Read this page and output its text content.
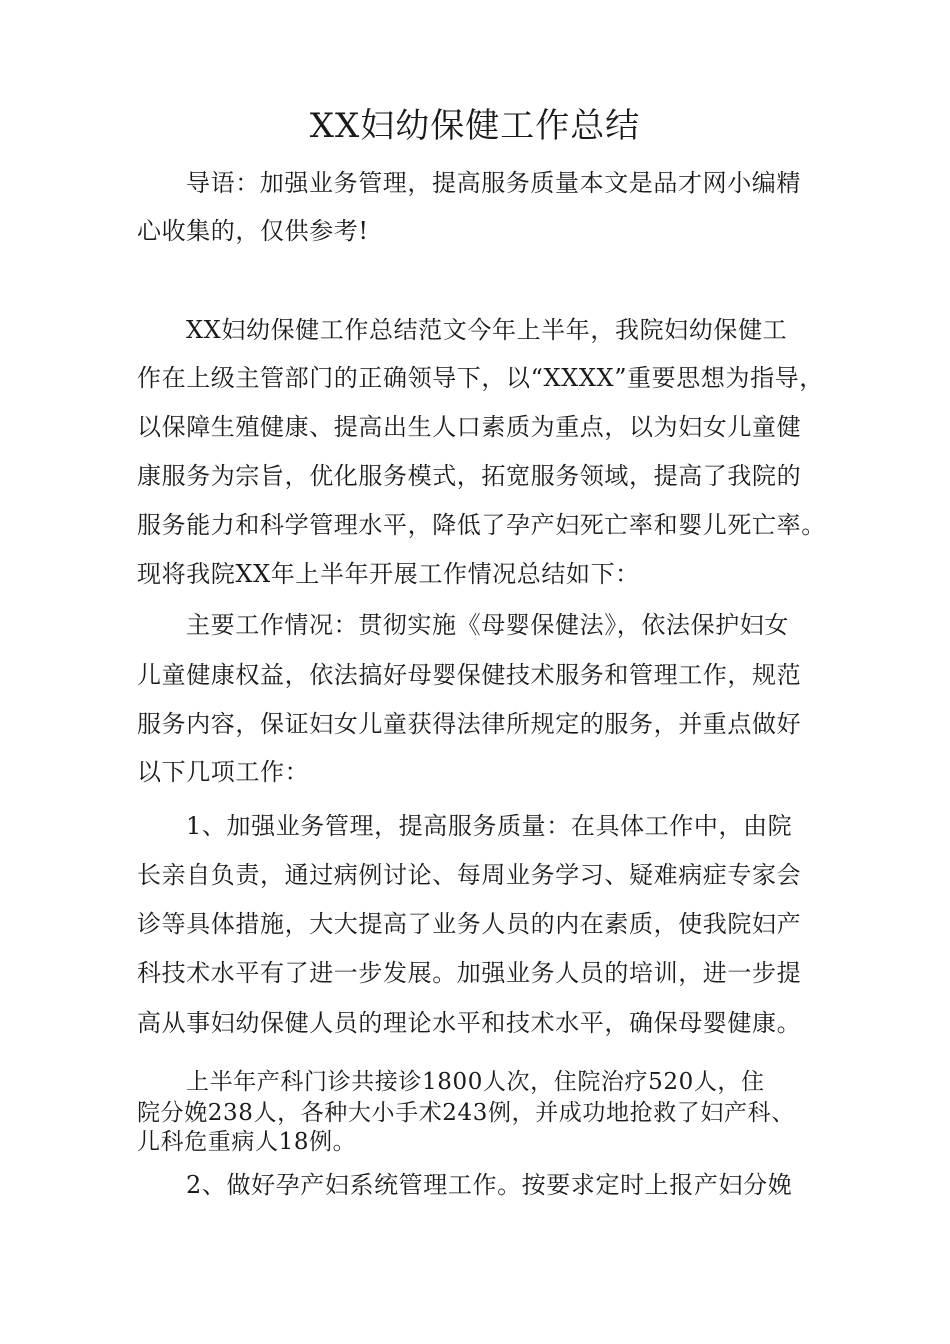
XX妇幼保健工作总结
导语：加强业务管理，提高服务质量本文是品才网小编精
心收集的，仅供参考!
XX妇幼保健工作总结范文今年上半年，我院妇幼保健工
作在上级主管部门的正确领导下，以“XXXX”重要思想为指导，
以保障生殖健康、提高出生人口素质为重点，以为妇女儿童健
康服务为宗旨，优化服务模式，拓宽服务领域，提高了我院的
服务能力和科学管理水平，降低了孕产妇死亡率和婴儿死亡率。
现将我院XX年上半年开展工作情况总结如下：
主要工作情况：贯彻实施《母婴保健法》，依法保护妇女
儿童健康权益，依法搞好母婴保健技术服务和管理工作，规范
服务内容，保证妇女儿童获得法律所规定的服务，并重点做好
以下几项工作：
1、加强业务管理，提高服务质量：在具体工作中，由院
长亲自负责，通过病例讨论、每周业务学习、疑难病症专家会
诊等具体措施，大大提高了业务人员的内在素质，使我院妇产
科技术水平有了进一步发展。加强业务人员的培训，进一步提
高从事妇幼保健人员的理论水平和技术水平，确保母婴健康。
上半年产科门诊共接诊1800人次，住院治疗520人，住
院分娩238人，各种大小手术243例，并成功地抢救了妇产科、
儿科危重病人18例。
2、做好孕产妇系统管理工作。按要求定时上报产妇分娩
